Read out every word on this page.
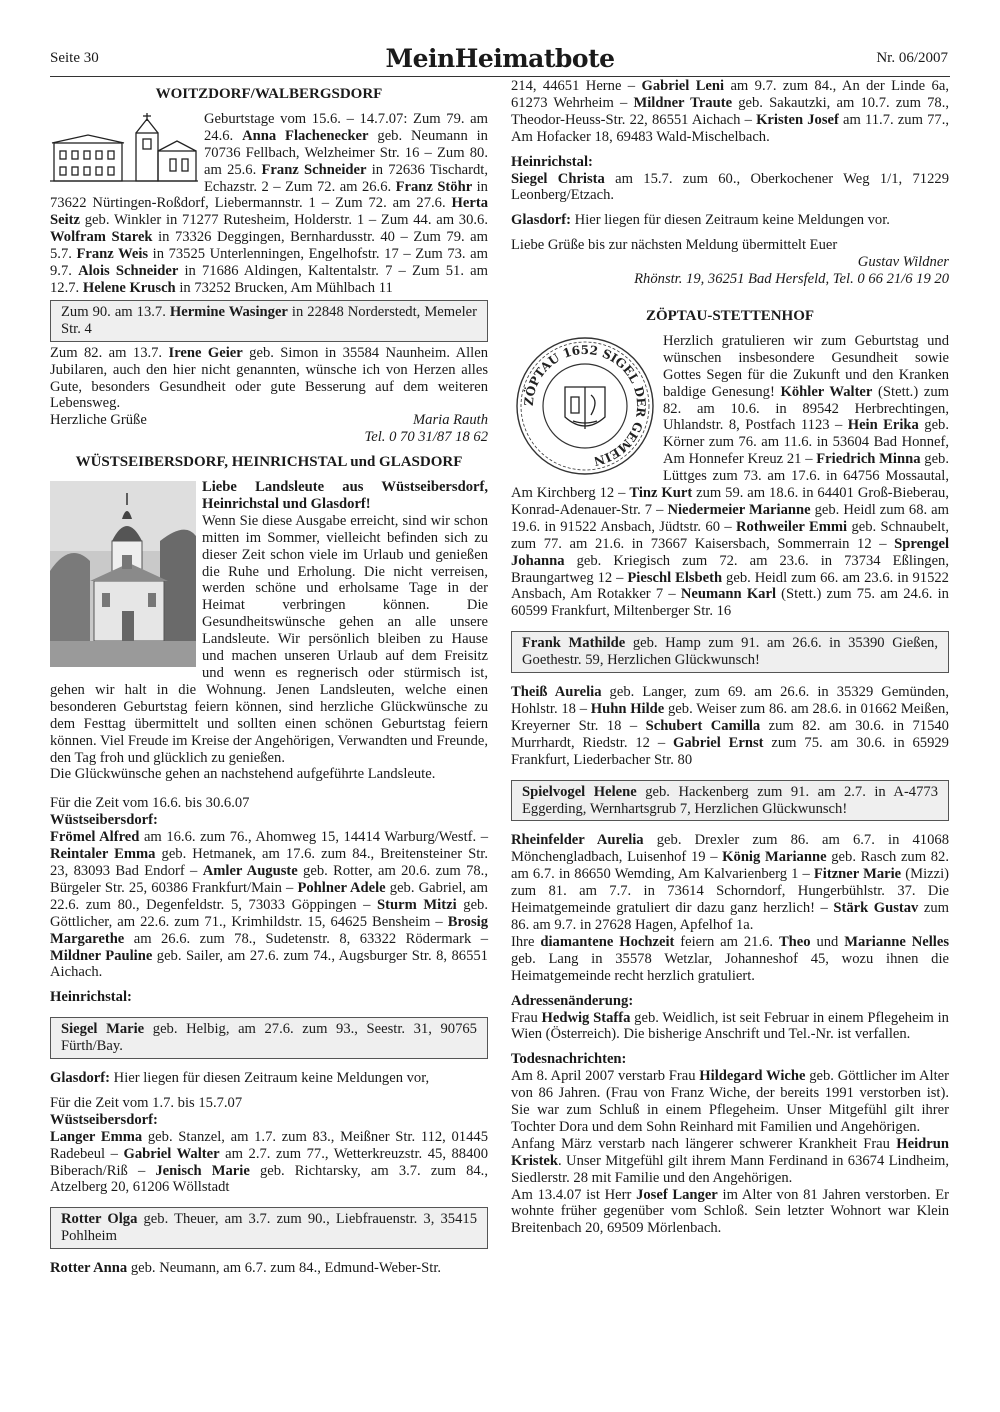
Seite 30	MeinHeimatbote	Nr. 06/2007

WOITZDORF/WALBERGSDORF

Geburtstage vom 15.6. – 14.7.07: Zum 79. am 24.6. Anna Flachenecker geb. Neumann in 70736 Fellbach, Welzheimer Str. 16 – Zum 80. am 25.6. Franz Schneider in 72636 Tischardt, Echazstr. 2 – Zum 72. am 26.6. Franz Stöhr in 73622 Nürtingen-Roßdorf, Liebermannstr. 1 – Zum 72. am 27.6. Herta Seitz geb. Winkler in 71277 Rutesheim, Holderstr. 1 – Zum 44. am 30.6. Wolfram Starek in 73326 Deggingen, Bernhardusstr. 40 – Zum 79. am 5.7. Franz Weis in 73525 Unterlenningen, Engelhofstr. 17 – Zum 73. am 9.7. Alois Schneider in 71686 Aldingen, Kaltentalstr. 7 – Zum 51. am 12.7. Helene Krusch in 73252 Brucken, Am Mühlbach 11

Zum 90. am 13.7. Hermine Wasinger in 22848 Norderstedt, Memeler Str. 4

Zum 82. am 13.7. Irene Geier geb. Simon in 35584 Naunheim. Allen Jubilaren, auch den hier nicht genannten, wünsche ich von Herzen alles Gute, besonders Gesundheit oder gute Besserung auf dem weiteren Lebensweg.

Herzliche Grüße	Maria Rauth

Tel. 0 70 31/87 18 62

WÜSTSEIBERSDORF, HEINRICHSTAL und GLASDORF

Liebe Landsleute aus Wüstseibersdorf, Heinrichstal und Glasdorf!
Wenn Sie diese Ausgabe erreicht, sind wir schon mitten im Sommer, vielleicht befinden sich zu dieser Zeit schon viele im Urlaub und genießen die Ruhe und Erholung. Die nicht verreisen, werden schöne und erholsame Tage in der Heimat verbringen können. Die Gesundheitswünsche gehen an alle unsere Landsleute. Wir persönlich bleiben zu Hause und machen unseren Urlaub auf dem Freisitz und wenn es regnerisch oder stürmisch ist, gehen wir halt in die Wohnung. Jenen Landsleuten, welche einen besonderen Geburtstag feiern können, sind herzliche Glückwünsche zu dem Festtag übermittelt und sollten einen schönen Geburtstag feiern können. Viel Freude im Kreise der Angehörigen, Verwandten und Freunde, den Tag froh und glücklich zu genießen.

Die Glückwünsche gehen an nachstehend aufgeführte Landsleute.

Für die Zeit vom 16.6. bis 30.6.07

Wüstseibersdorf:

Frömel Alfred am 16.6. zum 76., Ahomweg 15, 14414 Warburg/Westf. – Reintaler Emma geb. Hetmanek, am 17.6. zum 84., Breitensteiner Str. 23, 83093 Bad Endorf – Amler Auguste geb. Rotter, am 20.6. zum 78., Bürgeler Str. 25, 60386 Frankfurt/Main – Pohlner Adele geb. Gabriel, am 22.6. zum 80., Degenfeldstr. 5, 73033 Göppingen – Sturm Mitzi geb. Göttlicher, am 22.6. zum 71., Krimhildstr. 15, 64625 Bensheim – Brosig Margarethe am 26.6. zum 78., Sudetenstr. 8, 63322 Rödermark – Mildner Pauline geb. Sailer, am 27.6. zum 74., Augsburger Str. 8, 86551 Aichach.

Heinrichstal:

Siegel Marie geb. Helbig, am 27.6. zum 93., Seestr. 31, 90765 Fürth/Bay.

Glasdorf: Hier liegen für diesen Zeitraum keine Meldungen vor,

Für die Zeit vom 1.7. bis 15.7.07

Wüstseibersdorf:

Langer Emma geb. Stanzel, am 1.7. zum 83., Meißner Str. 112, 01445 Radebeul – Gabriel Walter am 2.7. zum 77., Wetterkreuzstr. 45, 88400 Biberach/Riß – Jenisch Marie geb. Richtarsky, am 3.7. zum 84., Atzelberg 20, 61206 Wöllstadt

Rotter Olga geb. Theuer, am 3.7. zum 90., Liebfrauenstr. 3, 35415 Pohlheim

Rotter Anna geb. Neumann, am 6.7. zum 84., Edmund-Weber-Str.

214, 44651 Herne – Gabriel Leni am 9.7. zum 84., An der Linde 6a, 61273 Wehrheim – Mildner Traute geb. Sakautzki, am 10.7. zum 78., Theodor-Heuss-Str. 22, 86551 Aichach – Kristen Josef am 11.7. zum 77., Am Hofacker 18, 69483 Wald-Mischelbach.

Heinrichstal:

Siegel Christa am 15.7. zum 60., Oberkochener Weg 1/1, 71229 Leonberg/Etzach.

Glasdorf: Hier liegen für diesen Zeitraum keine Meldungen vor.

Liebe Grüße bis zur nächsten Meldung übermittelt Euer

Gustav Wildner

Rhönstr. 19, 36251 Bad Hersfeld, Tel. 0 66 21/6 19 20

ZÖPTAU-STETTENHOF

ZÖPTAU 1652 SIGEL DER GEMEIN

Herzlich gratulieren wir zum Geburtstag und wünschen insbesondere Gesundheit sowie Gottes Segen für die Zukunft und den Kranken baldige Genesung! Köhler Walter (Stett.) zum 82. am 10.6. in 89542 Herbrechtingen, Uhlandstr. 8, Postfach 1123 – Hein Erika geb. Körner zum 76. am 11.6. in 53604 Bad Honnef, Am Honnefer Kreuz 21 – Friedrich Minna geb. Lüttges zum 73. am 17.6. in 64756 Mossautal, Am Kirchberg 12 – Tinz Kurt zum 59. am 18.6. in 64401 Groß-Bieberau, Konrad-Adenauer-Str. 7 – Niedermeier Marianne geb. Heidl zum 68. am 19.6. in 91522 Ansbach, Jüdtstr. 60 – Rothweiler Emmi geb. Schnaubelt, zum 77. am 21.6. in 73667 Kaisersbach, Sommerrain 12 – Sprengel Johanna geb. Kriegisch zum 72. am 23.6. in 73734 Eßlingen, Braungartweg 12 – Pieschl Elsbeth geb. Heidl zum 66. am 23.6. in 91522 Ansbach, Am Rotakker 7 – Neumann Karl (Stett.) zum 75. am 24.6. in 60599 Frankfurt, Miltenberger Str. 16

Frank Mathilde geb. Hamp zum 91. am 26.6. in 35390 Gießen, Goethestr. 59, Herzlichen Glückwunsch!

Theiß Aurelia geb. Langer, zum 69. am 26.6. in 35329 Gemünden, Hohlstr. 18 – Huhn Hilde geb. Weiser zum 86. am 28.6. in 01662 Meißen, Kreyerner Str. 18 – Schubert Camilla zum 82. am 30.6. in 71540 Murrhardt, Riedstr. 12 – Gabriel Ernst zum 75. am 30.6. in 65929 Frankfurt, Liederbacher Str. 80

Spielvogel Helene geb. Hackenberg zum 91. am 2.7. in A-4773 Eggerding, Wernhartsgrub 7, Herzlichen Glückwunsch!

Rheinfelder Aurelia geb. Drexler zum 86. am 6.7. in 41068 Mönchengladbach, Luisenhof 19 – König Marianne geb. Rasch zum 82. am 6.7. in 86650 Wemding, Am Kalvarienberg 1 – Fitzner Marie (Mizzi) zum 81. am 7.7. in 73614 Schorndorf, Hungerbühlstr. 37. Die Heimatgemeinde gratuliert dir dazu ganz herzlich! – Stärk Gustav zum 86. am 9.7. in 27628 Hagen, Apfelhof 1a.

Ihre diamantene Hochzeit feiern am 21.6. Theo und Marianne Nelles geb. Lang in 35578 Wetzlar, Johanneshof 45, wozu ihnen die Heimatgemeinde recht herzlich gratuliert.

Adressenänderung:

Frau Hedwig Staffa geb. Weidlich, ist seit Februar in einem Pflegeheim in Wien (Österreich). Die bisherige Anschrift und Tel.-Nr. ist verfallen.

Todesnachrichten:

Am 8. April 2007 verstarb Frau Hildegard Wiche geb. Göttlicher im Alter von 86 Jahren. (Frau von Franz Wiche, der bereits 1991 verstorben ist). Sie war zum Schluß in einem Pflegeheim. Unser Mitgefühl gilt ihrer Tochter Dora und dem Sohn Reinhard mit Familien und Angehörigen.

Anfang März verstarb nach längerer schwerer Krankheit Frau Heidrun Kristek. Unser Mitgefühl gilt ihrem Mann Ferdinand in 63674 Lindheim, Siedlerstr. 28 mit Familie und den Angehörigen.

Am 13.4.07 ist Herr Josef Langer im Alter von 81 Jahren verstorben. Er wohnte früher gegenüber vom Schloß. Sein letzter Wohnort war Klein Breitenbach 20, 69509 Mörlenbach.
